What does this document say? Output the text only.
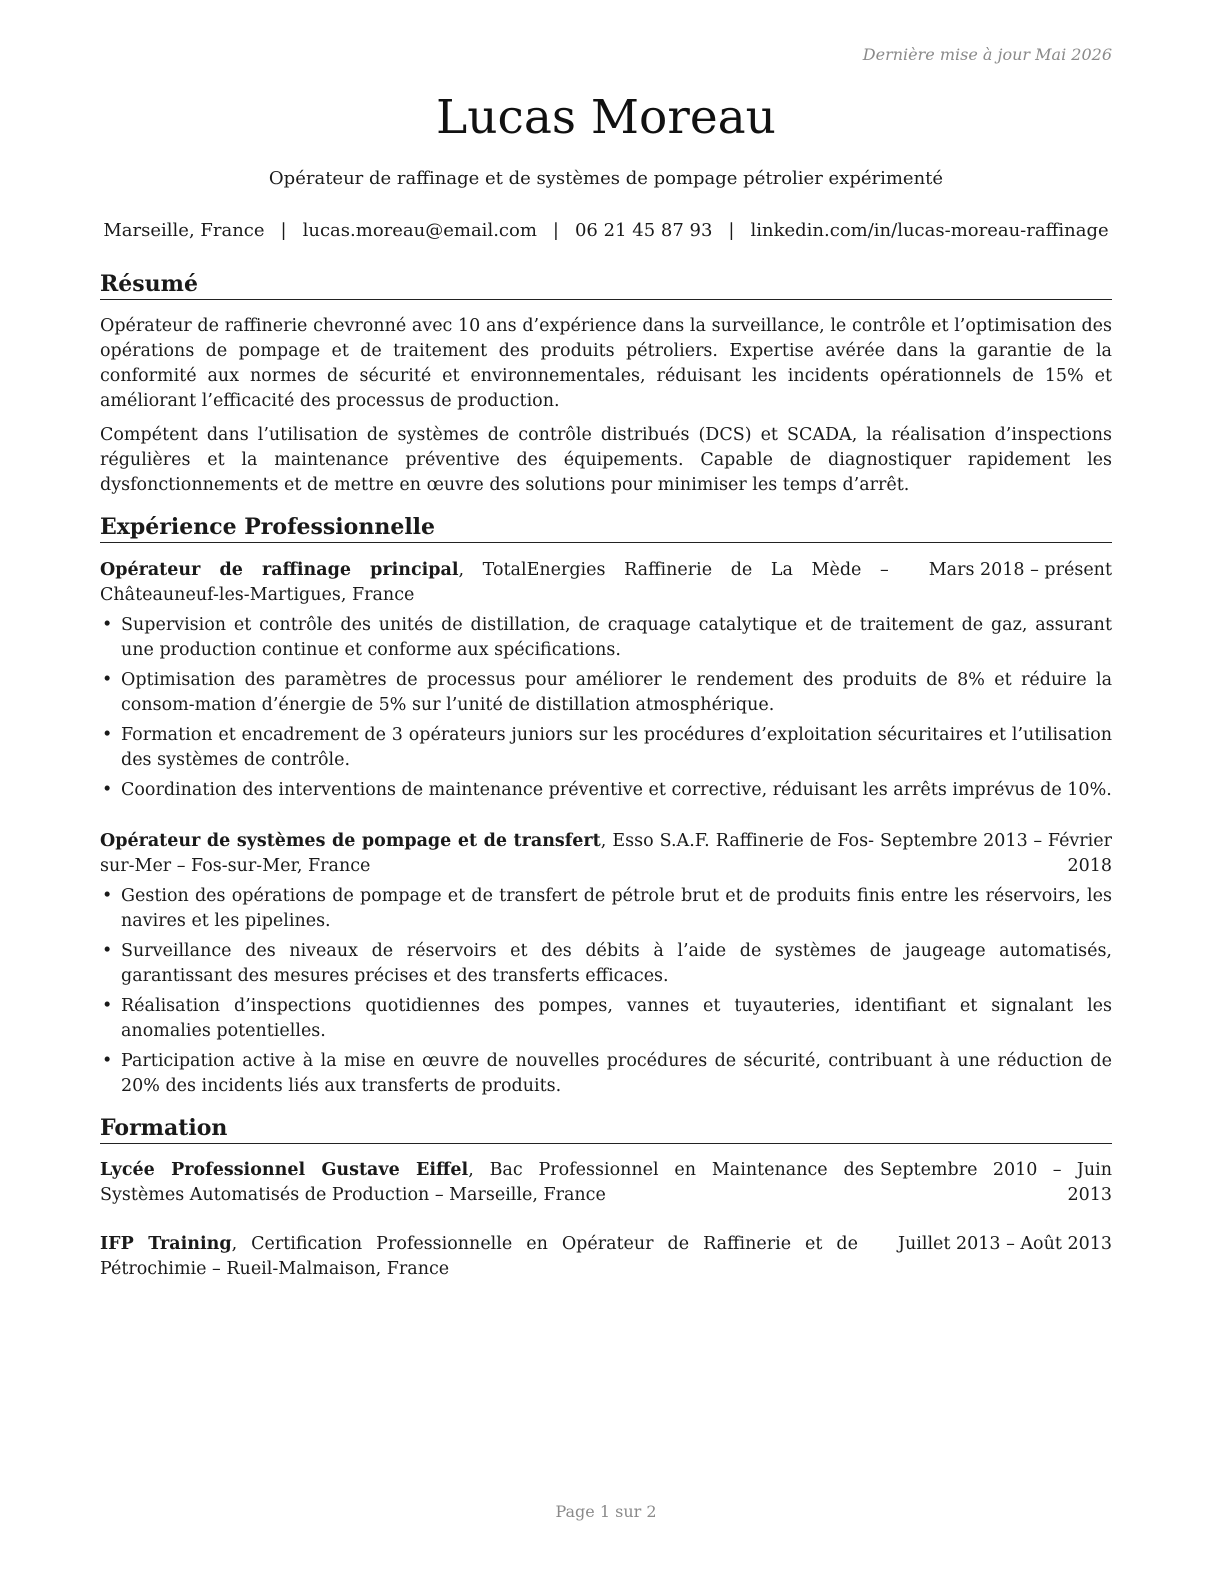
Dernière mise à jour Mai 2026
Lucas Moreau
Opérateur de raffinage et de systèmes de pompage pétrolier expérimenté
Marseille, France | lucas.moreau@email.com | 06 21 45 87 93 | linkedin.com/in/lucas-moreau-raffinage
Résumé

Opérateur de raffinerie chevronné avec 10 ans d’expérience dans la surveillance, le contrôle et l’optimisation des opérations de pompage et de traitement des produits pétroliers. Expertise avérée dans la garantie de la conformité aux normes de sécurité et environnementales, réduisant les incidents opérationnels de 15% et améliorant l’efficacité des processus de production.

Compétent dans l’utilisation de systèmes de contrôle distribués (DCS) et SCADA, la réalisation d’inspections régulières et la maintenance préventive des équipements. Capable de diagnostiquer rapidement les dysfonctionnements et de mettre en œuvre des solutions pour minimiser les temps d’arrêt.

Expérience Professionnelle
Opérateur de raffinage principal, TotalEnergies Raffinerie de La Mède – Châteauneuf-les-Martigues, France
Mars 2018 – présent
• Supervision et contrôle des unités de distillation, de craquage catalytique et de traitement de gaz, assurant une production continue et conforme aux spécifications.
• Optimisation des paramètres de processus pour améliorer le rendement des produits de 8% et réduire la consom-mation d’énergie de 5% sur l’unité de distillation atmosphérique.
• Formation et encadrement de 3 opérateurs juniors sur les procédures d’exploitation sécuritaires et l’utilisation des systèmes de contrôle.
• Coordination des interventions de maintenance préventive et corrective, réduisant les arrêts imprévus de 10%.
Opérateur de systèmes de pompage et de transfert, Esso S.A.F. Raffinerie de Fos-sur-Mer – Fos-sur-Mer, France
Septembre 2013 – Février 2018
• Gestion des opérations de pompage et de transfert de pétrole brut et de produits finis entre les réservoirs, les navires et les pipelines.
• Surveillance des niveaux de réservoirs et des débits à l’aide de systèmes de jaugeage automatisés, garantissant des mesures précises et des transferts efficaces.
• Réalisation d’inspections quotidiennes des pompes, vannes et tuyauteries, identifiant et signalant les anomalies potentielles.
• Participation active à la mise en œuvre de nouvelles procédures de sécurité, contribuant à une réduction de 20% des incidents liés aux transferts de produits.
Formation
Lycée Professionnel Gustave Eiffel, Bac Professionnel en Maintenance des Systèmes Automatisés de Production – Marseille, France
Septembre 2010 – Juin 2013
IFP Training, Certification Professionnelle en Opérateur de Raffinerie et de Pétrochimie – Rueil-Malmaison, France
Juillet 2013 – Août 2013
Page 1 sur 2
